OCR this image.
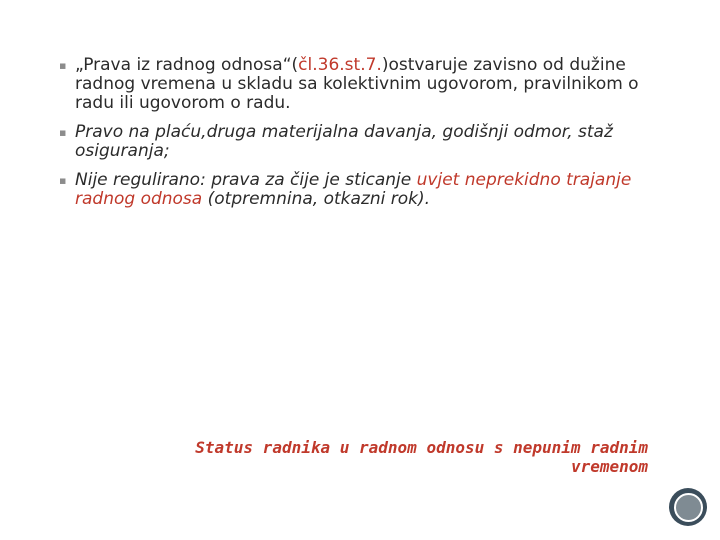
▪ „Prava iz radnog odnosa“(čl.36.st.7.)ostvaruje zavisno od dužine radnog vremena u skladu sa kolektivnim ugovorom, pravilnikom o radu ili ugovorom o radu.
▪ Pravo na plaću,druga materijalna davanja, godišnji odmor, staž osiguranja;
▪ Nije regulirano: prava za čije je sticanje uvjet neprekidno trajanje radnog odnosa (otpremnina, otkazni rok).
Status radnika u radnom odnosu s nepunim radnim vremenom
